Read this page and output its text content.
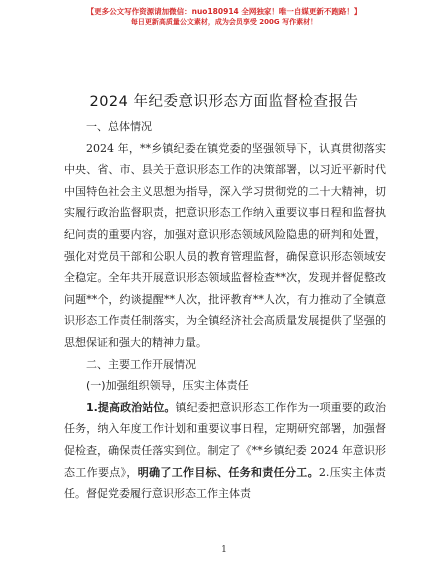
【更多公文写作资源请加微信：nuo180914 全网独家！唯一自媒更新不跑路！】
每日更新高质量公文素材，成为会员享受 200G 写作素材！
2024 年纪委意识形态方面监督检查报告

一、总体情况

2024 年，**乡镇纪委在镇党委的坚强领导下，认真贯彻落实中央、省、市、县关于意识形态工作的决策部署，以习近平新时代中国特色社会主义思想为指导，深入学习贯彻党的二十大精神，切实履行政治监督职责，把意识形态工作纳入重要议事日程和监督执纪问责的重要内容，加强对意识形态领域风险隐患的研判和处置，强化对党员干部和公职人员的教育管理监督，确保意识形态领域安全稳定。全年共开展意识形态领域监督检查**次，发现并督促整改问题**个，约谈提醒**人次，批评教育**人次，有力推动了全镇意识形态工作责任制落实，为全镇经济社会高质量发展提供了坚强的思想保证和强大的精神力量。

二、主要工作开展情况

(一)加强组织领导，压实主体责任

1.提高政治站位。镇纪委把意识形态工作作为一项重要的政治任务，纳入年度工作计划和重要议事日程，定期研究部署，加强督促检查，确保责任落实到位。制定了《**乡镇纪委 2024 年意识形态工作要点》，明确了工作目标、任务和责任分工。2.压实主体责任。督促党委履行意识形态工作主体责

1
